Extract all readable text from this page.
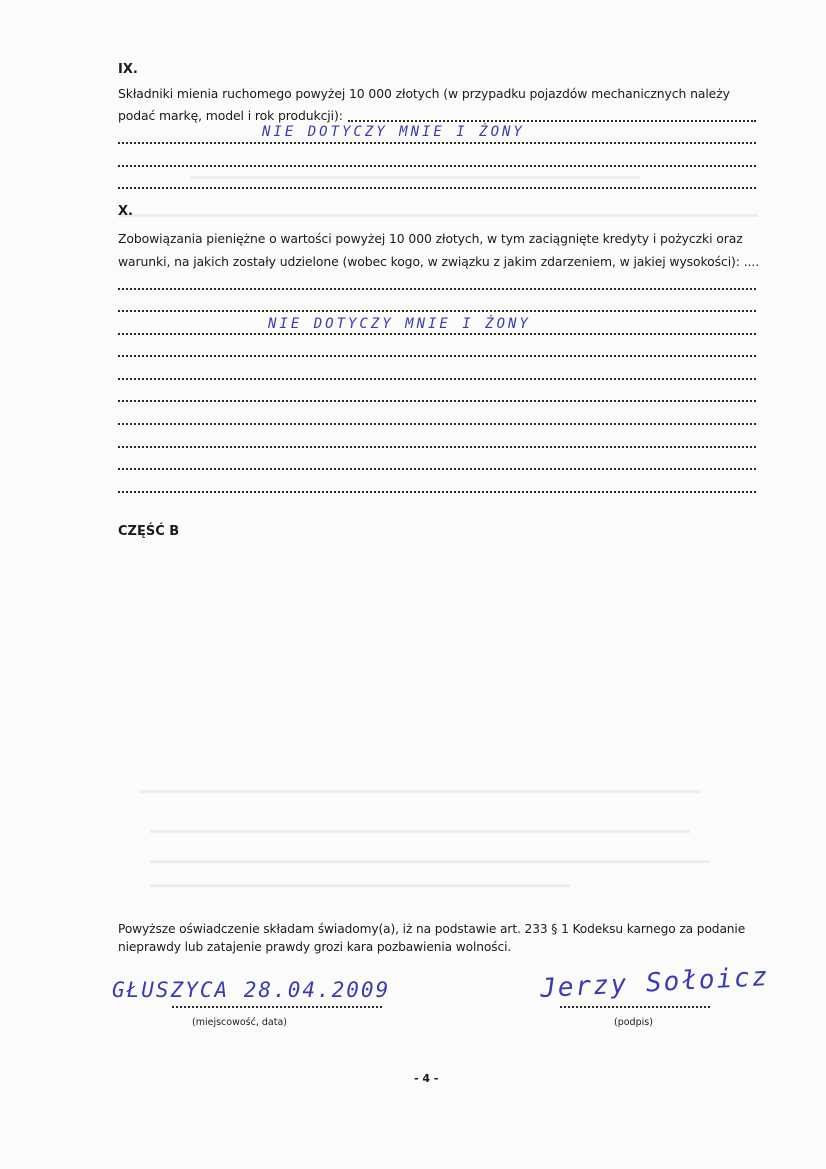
IX.
Składniki mienia ruchomego powyżej 10 000 złotych (w przypadku pojazdów mechanicznych należy
podać markę, model i rok produkcji):
NIE DOTYCZY MNIE I ŻONY
X.
Zobowiązania pieniężne o wartości powyżej 10 000 złotych, w tym zaciągnięte kredyty i pożyczki oraz
warunki, na jakich zostały udzielone (wobec kogo, w związku z jakim zdarzeniem, w jakiej wysokości): ....
NIE DOTYCZY MNIE I ŻONY
CZĘŚĆ B
Powyższe oświadczenie składam świadomy(a), iż na podstawie art. 233 § 1 Kodeksu karnego za podanie
nieprawdy lub zatajenie prawdy grozi kara pozbawienia wolności.
GŁUSZYCA 28.04.2009
(miejscowość, data)
Jerzy Sołoicz
(podpis)
- 4 -
